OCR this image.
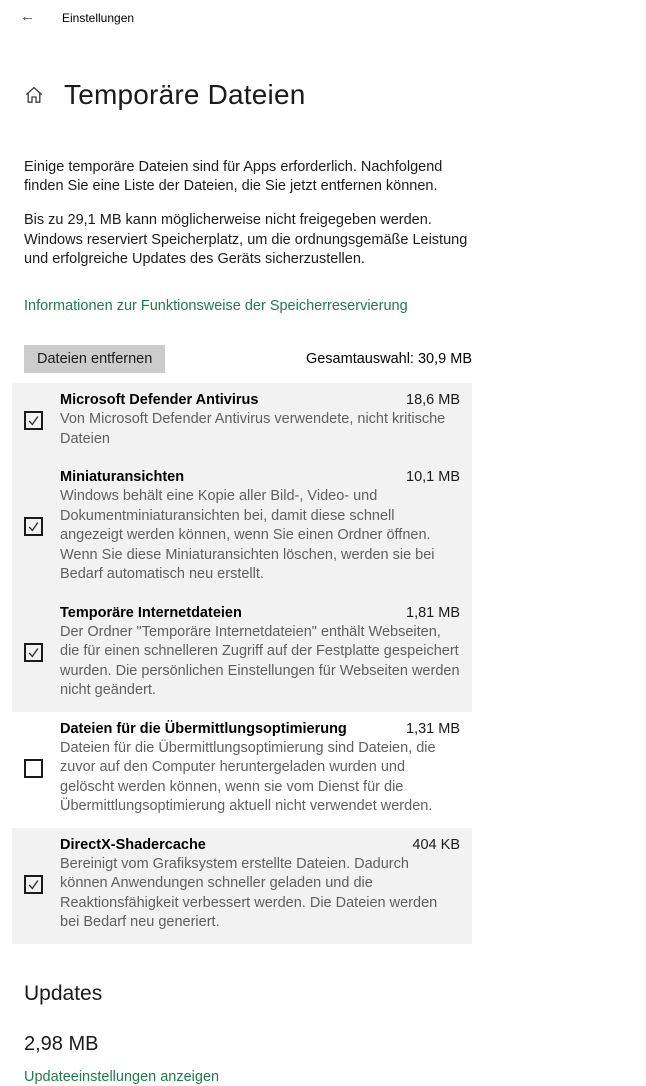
← Einstellungen
Temporäre Dateien

Einige temporäre Dateien sind für Apps erforderlich. Nachfolgend finden Sie eine Liste der Dateien, die Sie jetzt entfernen können.

Bis zu 29,1 MB kann möglicherweise nicht freigegeben werden. Windows reserviert Speicherplatz, um die ordnungsgemäße Leistung und erfolgreiche Updates des Geräts sicherzustellen.

Informationen zur Funktionsweise der Speicherreservierung
Dateien entfernen	Gesamtauswahl: 30,9 MB
Microsoft Defender Antivirus	18,6 MB
Von Microsoft Defender Antivirus verwendete, nicht kritische Dateien
Miniaturansichten	10,1 MB
Windows behält eine Kopie aller Bild-, Video- und Dokumentminiaturansichten bei, damit diese schnell angezeigt werden können, wenn Sie einen Ordner öffnen. Wenn Sie diese Miniaturansichten löschen, werden sie bei Bedarf automatisch neu erstellt.
Temporäre Internetdateien	1,81 MB
Der Ordner "Temporäre Internetdateien" enthält Webseiten, die für einen schnelleren Zugriff auf der Festplatte gespeichert wurden. Die persönlichen Einstellungen für Webseiten werden nicht geändert.
Dateien für die Übermittlungsoptimierung	1,31 MB
Dateien für die Übermittlungsoptimierung sind Dateien, die zuvor auf den Computer heruntergeladen wurden und gelöscht werden können, wenn sie vom Dienst für die Übermittlungsoptimierung aktuell nicht verwendet werden.
DirectX-Shadercache	404 KB
Bereinigt vom Grafiksystem erstellte Dateien. Dadurch können Anwendungen schneller geladen und die Reaktionsfähigkeit verbessert werden. Die Dateien werden bei Bedarf neu generiert.
Updates
2,98 MB
Updateeinstellungen anzeigen
